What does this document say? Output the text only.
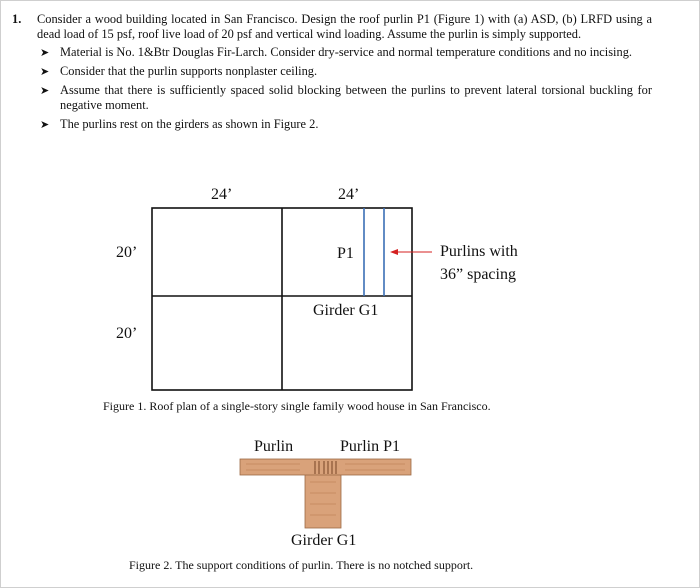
1. Consider a wood building located in San Francisco. Design the roof purlin P1 (Figure 1) with (a) ASD, (b) LRFD using a dead load of 15 psf, roof live load of 20 psf and vertical wind loading. Assume the purlin is simply supported.
➤ Material is No. 1&Btr Douglas Fir-Larch. Consider dry-service and normal temperature conditions and no incising.
➤ Consider that the purlin supports nonplaster ceiling.
➤ Assume that there is sufficiently spaced solid blocking between the purlins to prevent lateral torsional buckling for negative moment.
➤ The purlins rest on the girders as shown in Figure 2.
24’	24’
20’
20’
P1
Girder G1
Purlins with
36” spacing
Figure 1. Roof plan of a single-story single family wood house in San Francisco.
Purlin	Purlin P1
Girder G1
Figure 2. The support conditions of purlin. There is no notched support.
